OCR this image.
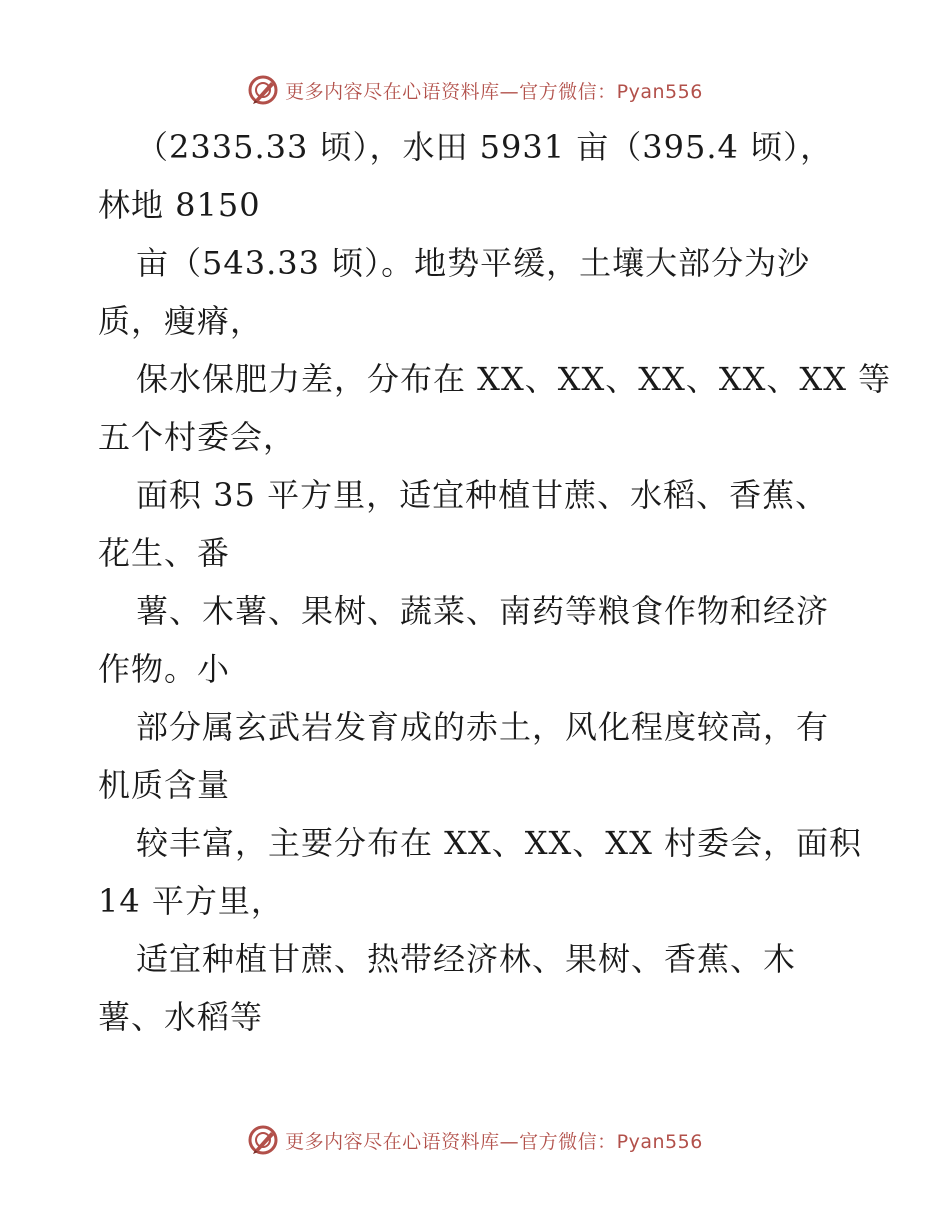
更多内容尽在心语资料库—官方微信：Pyan556
（2335.33 顷），水田 5931 亩（395.4 顷），
林地 8150
亩（543.33 顷）。地势平缓，土壤大部分为沙
质，瘦瘠，
保水保肥力差，分布在 XX、XX、XX、XX、XX 等
五个村委会，
面积 35 平方里，适宜种植甘蔗、水稻、香蕉、
花生、番
薯、木薯、果树、蔬菜、南药等粮食作物和经济
作物。小
部分属玄武岩发育成的赤土，风化程度较高，有
机质含量
较丰富，主要分布在 XX、XX、XX 村委会，面积
14 平方里，
适宜种植甘蔗、热带经济林、果树、香蕉、木
薯、水稻等
更多内容尽在心语资料库—官方微信：Pyan556
